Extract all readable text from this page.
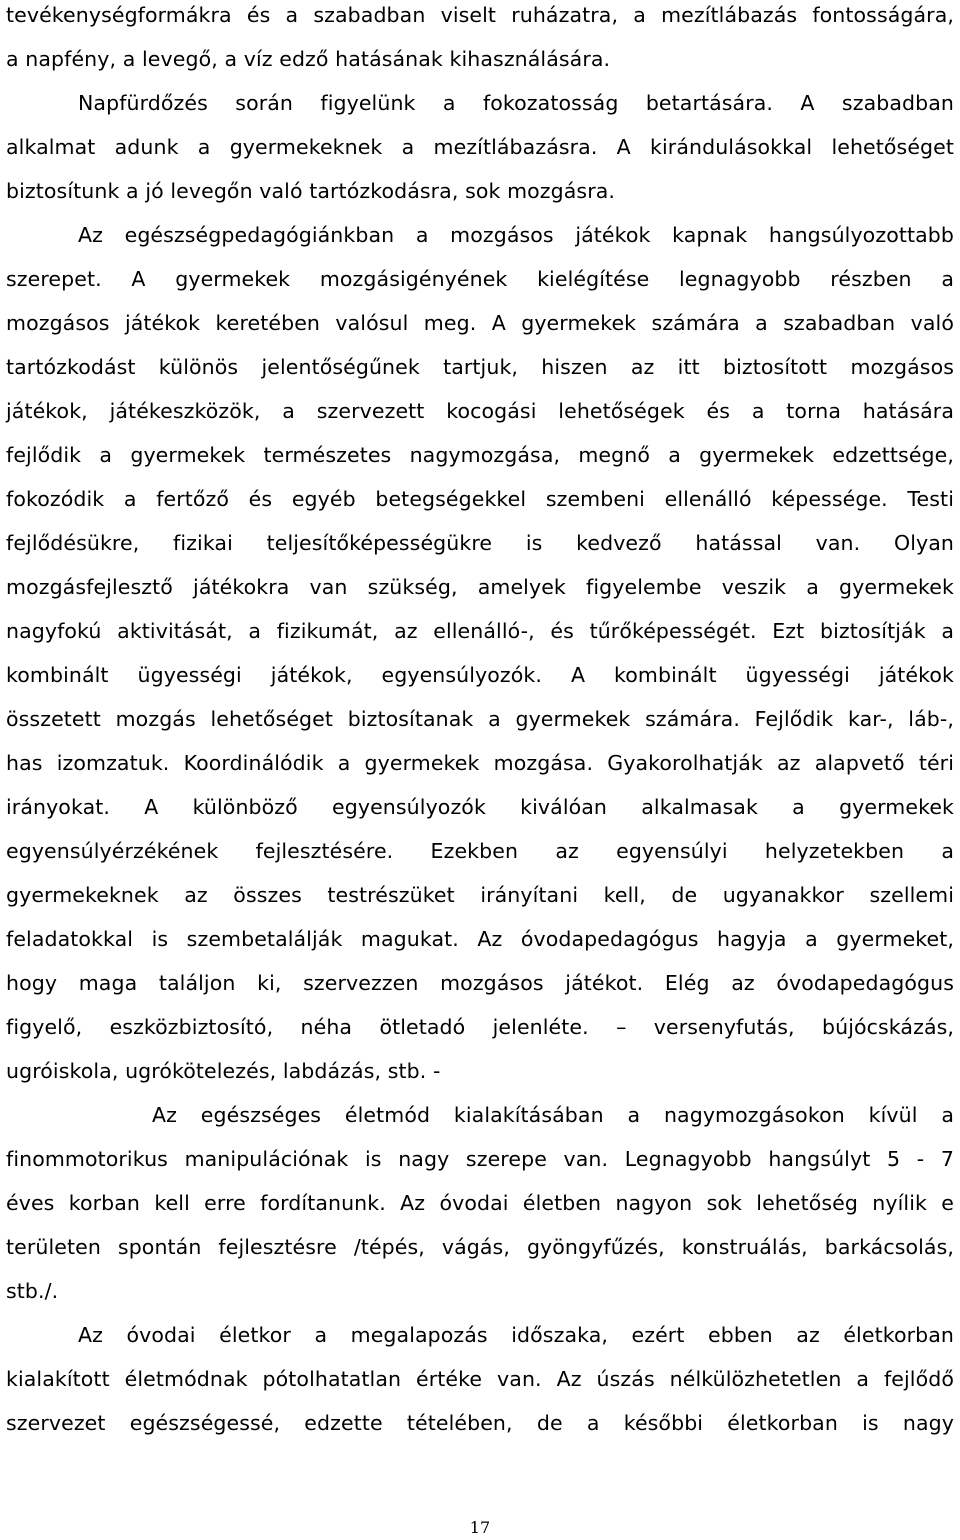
tevékenységformákra és a szabadban viselt ruházatra, a mezítlábazás fontosságára,
a napfény, a levegő, a víz edző hatásának kihasználására.
Napfürdőzés során figyelünk a fokozatosság betartására. A szabadban
alkalmat adunk a gyermekeknek a mezítlábazásra. A kirándulásokkal lehetőséget
biztosítunk a jó levegőn való tartózkodásra, sok mozgásra.
Az egészségpedagógiánkban a mozgásos játékok kapnak hangsúlyozottabb
szerepet. A gyermekek mozgásigényének kielégítése legnagyobb részben a
mozgásos játékok keretében valósul meg. A gyermekek számára a szabadban való
tartózkodást különös jelentőségűnek tartjuk, hiszen az itt biztosított mozgásos
játékok, játékeszközök, a szervezett kocogási lehetőségek és a torna hatására
fejlődik a gyermekek természetes nagymozgása, megnő a gyermekek edzettsége,
fokozódik a fertőző és egyéb betegségekkel szembeni ellenálló képessége. Testi
fejlődésükre, fizikai teljesítőképességükre is kedvező hatással van. Olyan
mozgásfejlesztő játékokra van szükség, amelyek figyelembe veszik a gyermekek
nagyfokú aktivitását, a fizikumát, az ellenálló-, és tűrőképességét. Ezt biztosítják a
kombinált ügyességi játékok, egyensúlyozók. A kombinált ügyességi játékok
összetett mozgás lehetőséget biztosítanak a gyermekek számára. Fejlődik kar-, láb-,
has izomzatuk. Koordinálódik a gyermekek mozgása. Gyakorolhatják az alapvető téri
irányokat. A különböző egyensúlyozók kiválóan alkalmasak a gyermekek
egyensúlyérzékének fejlesztésére. Ezekben az egyensúlyi helyzetekben a
gyermekeknek az összes testrészüket irányítani kell, de ugyanakkor szellemi
feladatokkal is szembetalálják magukat. Az óvodapedagógus hagyja a gyermeket,
hogy maga találjon ki, szervezzen mozgásos játékot. Elég az óvodapedagógus
figyelő, eszközbiztosító, néha ötletadó jelenléte. – versenyfutás, bújócskázás,
ugróiskola, ugrókötelezés, labdázás, stb. -
Az egészséges életmód kialakításában a nagymozgásokon kívül a
finommotorikus manipulációnak is nagy szerepe van. Legnagyobb hangsúlyt 5 - 7
éves korban kell erre fordítanunk. Az óvodai életben nagyon sok lehetőség nyílik e
területen spontán fejlesztésre /tépés, vágás, gyöngyfűzés, konstruálás, barkácsolás,
stb./.
Az óvodai életkor a megalapozás időszaka, ezért ebben az életkorban
kialakított életmódnak pótolhatatlan értéke van. Az úszás nélkülözhetetlen a fejlődő
szervezet egészségessé, edzette tételében, de a későbbi életkorban is nagy
17
